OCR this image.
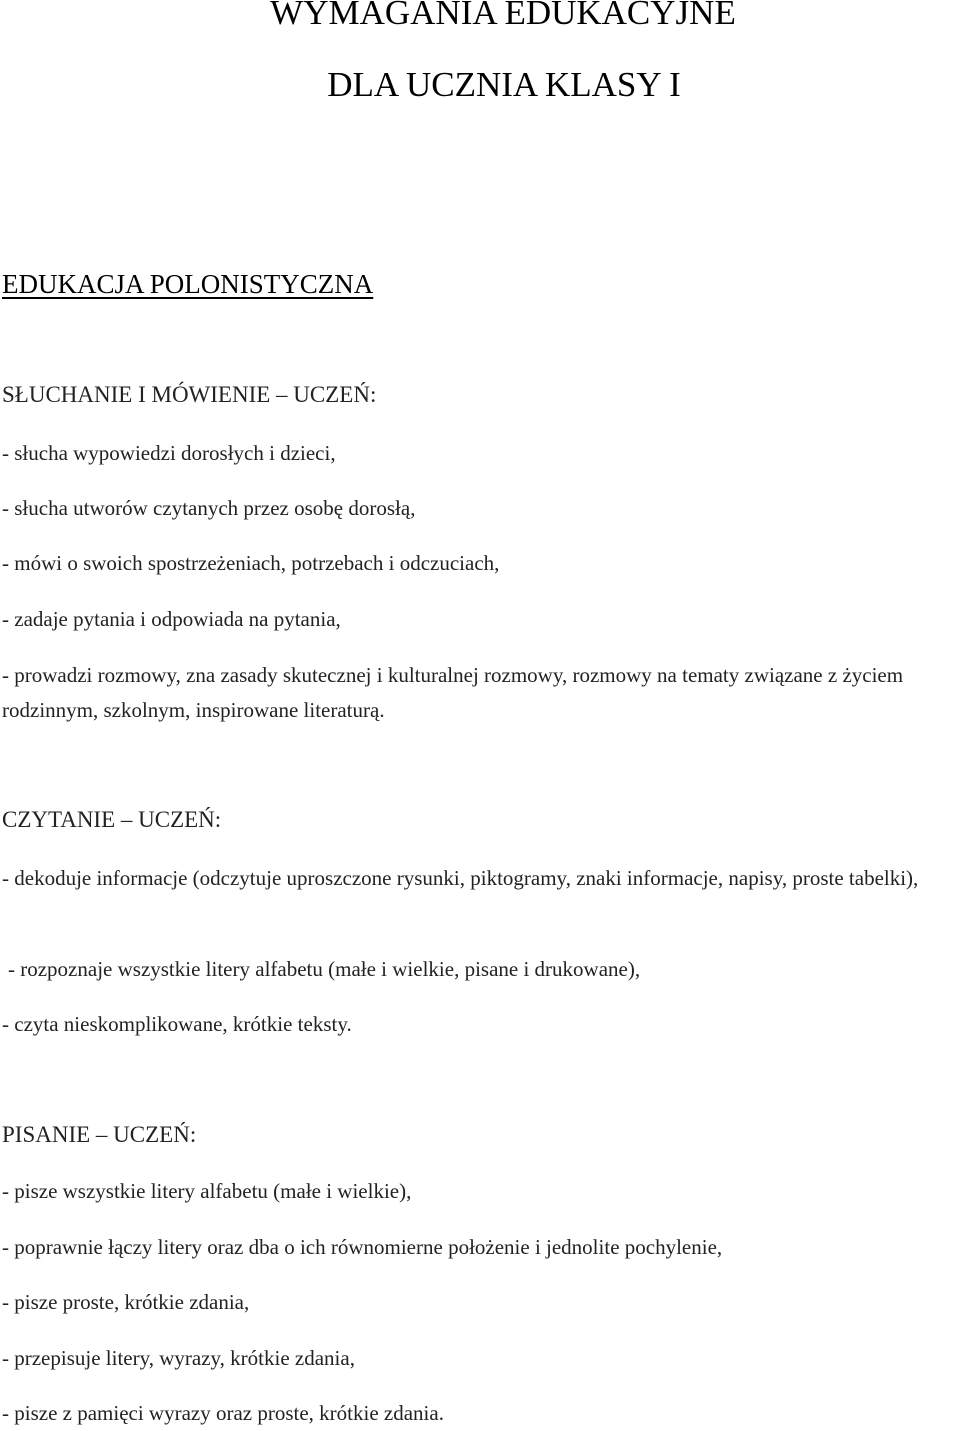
WYMAGANIA EDUKACYJNE
DLA UCZNIA KLASY I
EDUKACJA POLONISTYCZNA
SŁUCHANIE I MÓWIENIE – UCZEŃ:

- słucha wypowiedzi dorosłych i dzieci,

- słucha utworów czytanych przez osobę dorosłą,

- mówi o swoich spostrzeżeniach, potrzebach i odczuciach,

- zadaje pytania i odpowiada na pytania,

- prowadzi rozmowy, zna zasady skutecznej i kulturalnej rozmowy, rozmowy na tematy związane z życiem rodzinnym, szkolnym, inspirowane literaturą.

CZYTANIE – UCZEŃ:

- dekoduje informacje (odczytuje uproszczone rysunki, piktogramy, znaki informacje, napisy, proste tabelki),

- rozpoznaje wszystkie litery alfabetu (małe i wielkie, pisane i drukowane),

- czyta nieskomplikowane, krótkie teksty.

PISANIE – UCZEŃ:

- pisze wszystkie litery alfabetu (małe i wielkie),

- poprawnie łączy litery oraz dba o ich równomierne położenie i jednolite pochylenie,

- pisze proste, krótkie zdania,

- przepisuje litery, wyrazy, krótkie zdania,

- pisze z pamięci wyrazy oraz proste, krótkie zdania.
